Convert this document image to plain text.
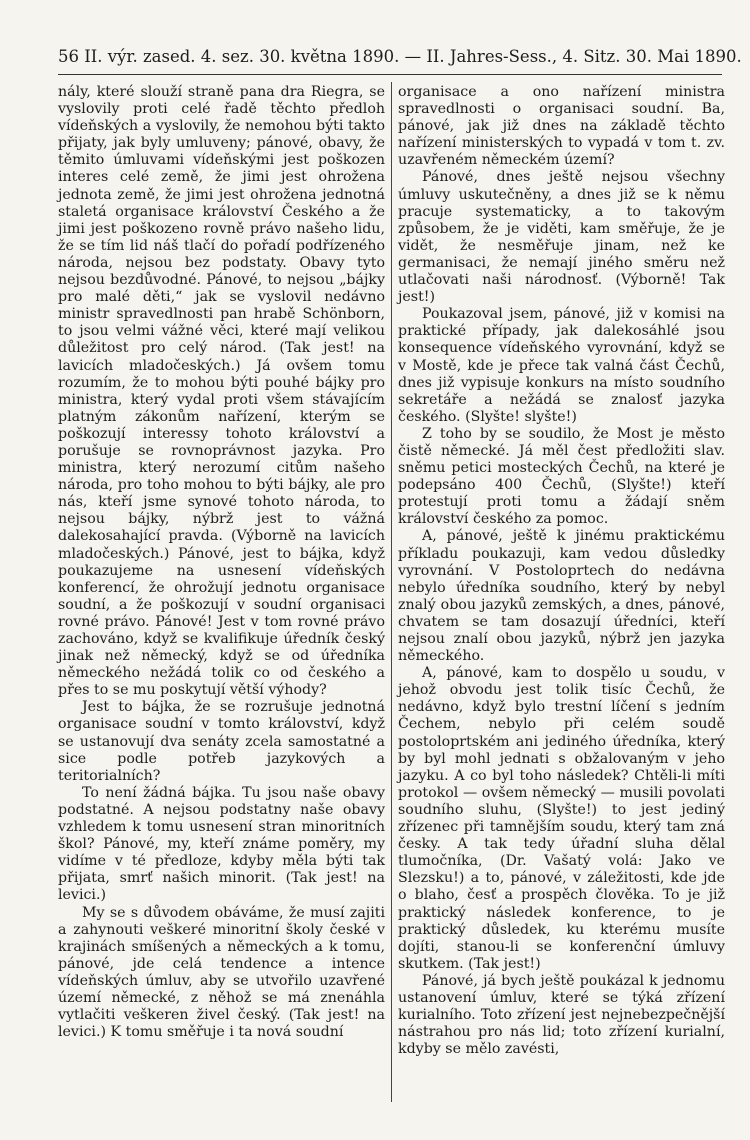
56 II. výr. zased. 4. sez. 30. května 1890. — II. Jahres-Sess., 4. Sitz. 30. Mai 1890.

nály, které slouží straně pana dra Riegra, se vyslovily proti celé řadě těchto předloh vídeňských a vyslovily, že nemohou býti takto přijaty, jak byly umluveny; pánové, obavy, že těmito úmluvami vídeňskými jest poškozen interes celé země, že jimi jest ohrožena jednota země, že jimi jest ohrožena jednotná staletá organisace království Českého a že jimi jest poškozeno rovně právo našeho lidu, že se tím lid náš tlačí do pořadí podřízeného národa, nejsou bez podstaty. Obavy tyto nejsou bezdůvodné. Pánové, to nejsou „bájky pro malé děti,“ jak se vyslovil nedávno ministr spravedlnosti pan hrabě Schönborn, to jsou velmi vážné věci, které mají velikou důležitost pro celý národ. (Tak jest! na lavicích mladočeských.) Já ovšem tomu rozumím, že to mohou býti pouhé bájky pro ministra, který vydal proti všem stávajícím platným zákonům nařízení, kterým se poškozují interessy tohoto království a porušuje se rovnoprávnost jazyka. Pro ministra, který nerozumí citům našeho národa, pro toho mohou to býti bájky, ale pro nás, kteří jsme synové tohoto národa, to nejsou bájky, nýbrž jest to vážná dalekosahající pravda. (Výborně na lavicích mladočeských.) Pánové, jest to bájka, když poukazujeme na usnesení vídeňských konferencí, že ohrožují jednotu organisace soudní, a že poškozují v soudní organisaci rovné právo. Pánové! Jest v tom rovné právo zachováno, když se kvalifikuje úředník český jinak než německý, když se od úředníka německého nežádá tolik co od českého a přes to se mu poskytují větší výhody?

Jest to bájka, že se rozrušuje jednotná organisace soudní v tomto království, když se ustanovují dva senáty zcela samostatné a sice podle potřeb jazykových a teritorialních?

To není žádná bájka. Tu jsou naše obavy podstatné. A nejsou podstatny naše obavy vzhledem k tomu usnesení stran minoritních škol? Pánové, my, kteří známe poměry, my vidíme v té předloze, kdyby měla býti tak přijata, smrť našich minorit. (Tak jest! na levici.)

My se s důvodem obáváme, že musí zajiti a zahynouti veškeré minoritní školy české v krajinách smíšených a německých a k tomu, pánové, jde celá tendence a intence vídeňských úmluv, aby se utvořilo uzavřené území německé, z něhož se má znenáhla vytlačiti veškeren živel český. (Tak jest! na levici.) K tomu směřuje i ta nová soudní

organisace a ono nařízení ministra spravedlnosti o organisaci soudní. Ba, pánové, jak již dnes na základě těchto nařízení ministerských to vypadá v tom t. zv. uzavřeném německém území?

Pánové, dnes ještě nejsou všechny úmluvy uskutečněny, a dnes již se k němu pracuje systematicky, a to takovým způsobem, že je viděti, kam směřuje, že je vidět, že nesměřuje jinam, než ke germanisaci, že nemají jiného směru než utlačovati naši národnosť. (Výborně! Tak jest!)

Poukazoval jsem, pánové, již v komisi na praktické případy, jak dalekosáhlé jsou konsequence vídeňského vyrovnání, když se v Mostě, kde je přece tak valná část Čechů, dnes již vypisuje konkurs na místo soudního sekretáře a nežádá se znalosť jazyka českého. (Slyšte! slyšte!)

Z toho by se soudilo, že Most je město čistě německé. Já měl čest předložiti slav. sněmu petici mosteckých Čechů, na které je podepsáno 400 Čechů, (Slyšte!) kteří protestují proti tomu a žádají sněm království českého za pomoc.

A, pánové, ještě k jinému praktickému příkladu poukazuji, kam vedou důsledky vyrovnání. V Postoloprtech do nedávna nebylo úředníka soudního, který by nebyl znalý obou jazyků zemských, a dnes, pánové, chvatem se tam dosazují úředníci, kteří nejsou znalí obou jazyků, nýbrž jen jazyka německého.

A, pánové, kam to dospělo u soudu, v jehož obvodu jest tolik tisíc Čechů, že nedávno, když bylo trestní líčení s jedním Čechem, nebylo při celém soudě postoloprtském ani jediného úředníka, který by byl mohl jednati s obžalovaným v jeho jazyku. A co byl toho následek? Chtěli-li míti protokol — ovšem německý — musili povolati soudního sluhu, (Slyšte!) to jest jediný zřízenec při tamnějším soudu, který tam zná česky. A tak tedy úřadní sluha dělal tlumočníka, (Dr. Vašatý volá: Jako ve Slezsku!) a to, pánové, v záležitosti, kde jde o blaho, česť a prospěch člověka. To je již praktický následek konference, to je praktický důsledek, ku kterému musíte dojíti, stanou-li se konferenční úmluvy skutkem. (Tak jest!)

Pánové, já bych ještě poukázal k jednomu ustanovení úmluv, které se týká zřízení kurialního. Toto zřízení jest nejnebezpečnější nástrahou pro nás lid; toto zřízení kurialní, kdyby se mělo zavésti,
